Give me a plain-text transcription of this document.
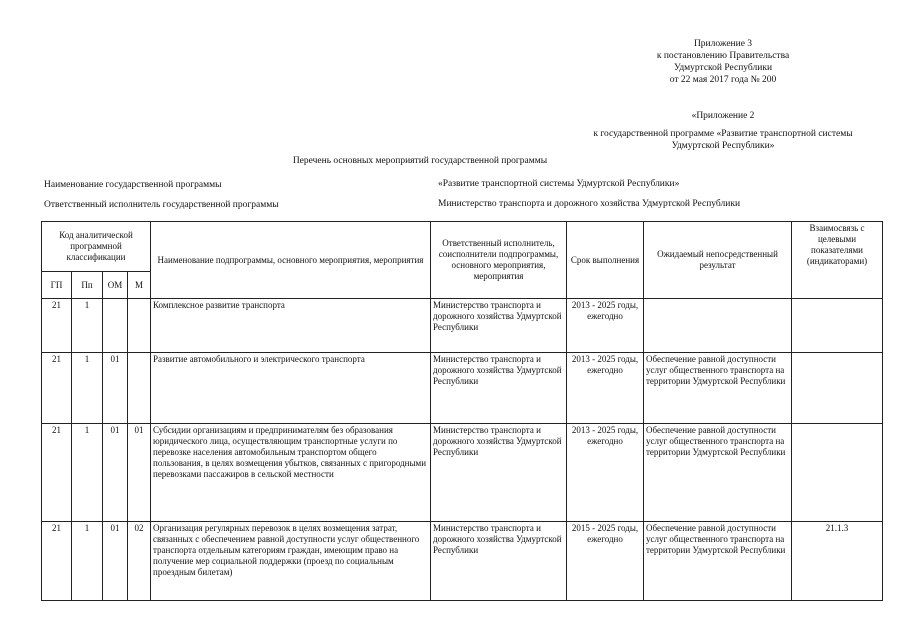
Приложение 3
к постановлению Правительства
Удмуртской Республики
от 22 мая 2017 года № 200
«Приложение 2
к государственной программе «Развитие транспортной системы
Удмуртской Республики»
Перечень основных мероприятий государственной программы
Наименование государственной программы	«Развитие транспортной системы Удмуртской Республики»
Ответственный исполнитель государственной программы	Министерство транспорта и дорожного хозяйства Удмуртской Республики
Код аналитической программной классификации				Наименование подпрограммы, основного мероприятия, мероприятия	Ответственный исполнитель, соисполнители подпрограммы, основного мероприятия, мероприятия	Срок выполнения	Ожидаемый непосредственный результат	Взаимосвязь с целевыми показателями (индикаторами)
ГП	Пп	ОМ	М					
21	1			Комплексное развитие транспорта	Министерство транспорта и дорожного хозяйства Удмуртской Республики	2013 - 2025 годы, ежегодно		
21	1	01		Развитие автомобильного и электрического транспорта	Министерство транспорта и дорожного хозяйства Удмуртской Республики	2013 - 2025 годы, ежегодно	Обеспечение равной доступности услуг общественного транспорта на территории Удмуртской Республики	
21	1	01	01	Субсидии организациям и предпринимателям без образования юридического лица, осуществляющим транспортные услуги по перевозке населения автомобильным транспортом общего пользования, в целях возмещения убытков, связанных с пригородными перевозками пассажиров в сельской местности	Министерство транспорта и дорожного хозяйства Удмуртской Республики	2013 - 2025 годы, ежегодно	Обеспечение равной доступности услуг общественного транспорта на территории Удмуртской Республики	
21	1	01	02	Организация регулярных перевозок в целях возмещения затрат, связанных с обеспечением равной доступности услуг общественного транспорта отдельным категориям граждан, имеющим право на получение мер социальной поддержки (проезд по социальным проездным билетам)	Министерство транспорта и дорожного хозяйства Удмуртской Республики	2015 - 2025 годы, ежегодно	Обеспечение равной доступности услуг общественного транспорта на территории Удмуртской Республики	21.1.3
